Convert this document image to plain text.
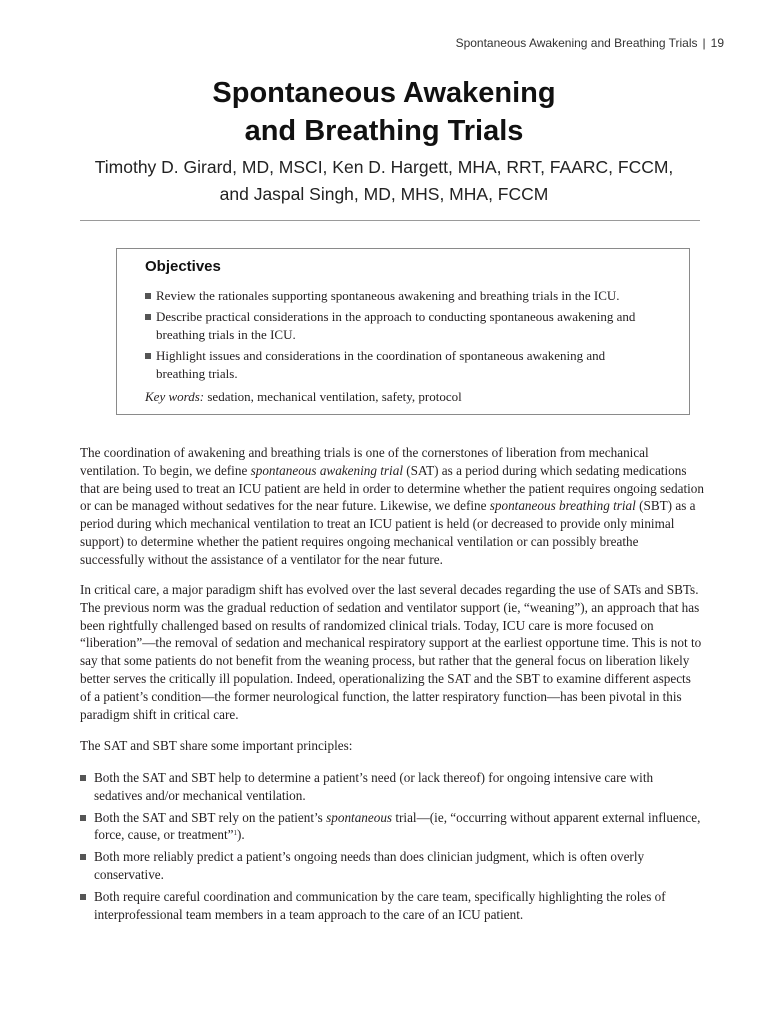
Spontaneous Awakening and Breathing Trials | 19
Spontaneous Awakening
and Breathing Trials
Timothy D. Girard, MD, MSCI, Ken D. Hargett, MHA, RRT, FAARC, FCCM,
and Jaspal Singh, MD, MHS, MHA, FCCM
Objectives
Review the rationales supporting spontaneous awakening and breathing trials in the ICU.
Describe practical considerations in the approach to conducting spontaneous awakening and breathing trials in the ICU.
Highlight issues and considerations in the coordination of spontaneous awakening and breathing trials.
Key words: sedation, mechanical ventilation, safety, protocol

The coordination of awakening and breathing trials is one of the cornerstones of liberation from mechanical ventilation. To begin, we define spontaneous awakening trial (SAT) as a period during which sedating medications that are being used to treat an ICU patient are held in order to determine whether the patient requires ongoing sedation or can be managed without sedatives for the near future. Likewise, we define spontaneous breathing trial (SBT) as a period during which mechanical ventilation to treat an ICU patient is held (or decreased to provide only minimal support) to determine whether the patient requires ongoing mechanical ventilation or can possibly breathe successfully without the assistance of a ventilator for the near future.

In critical care, a major paradigm shift has evolved over the last several decades regarding the use of SATs and SBTs. The previous norm was the gradual reduction of sedation and ventilator support (ie, “weaning”), an approach that has been rightfully challenged based on results of randomized clinical trials. Today, ICU care is more focused on “liberation”—the removal of sedation and mechanical respiratory support at the earliest opportune time. This is not to say that some patients do not benefit from the weaning process, but rather that the general focus on liberation likely better serves the critically ill population. Indeed, operationalizing the SAT and the SBT to examine different aspects of a patient’s condition—the former neurological function, the latter respiratory function—has been pivotal in this paradigm shift in critical care.

The SAT and SBT share some important principles:

Both the SAT and SBT help to determine a patient’s need (or lack thereof) for ongoing intensive care with sedatives and/or mechanical ventilation.
Both the SAT and SBT rely on the patient’s spontaneous trial—(ie, “occurring without apparent external influence, force, cause, or treatment”$^1$).
Both more reliably predict a patient’s ongoing needs than does clinician judgment, which is often overly conservative.
Both require careful coordination and communication by the care team, specifically highlighting the roles of interprofessional team members in a team approach to the care of an ICU patient.
